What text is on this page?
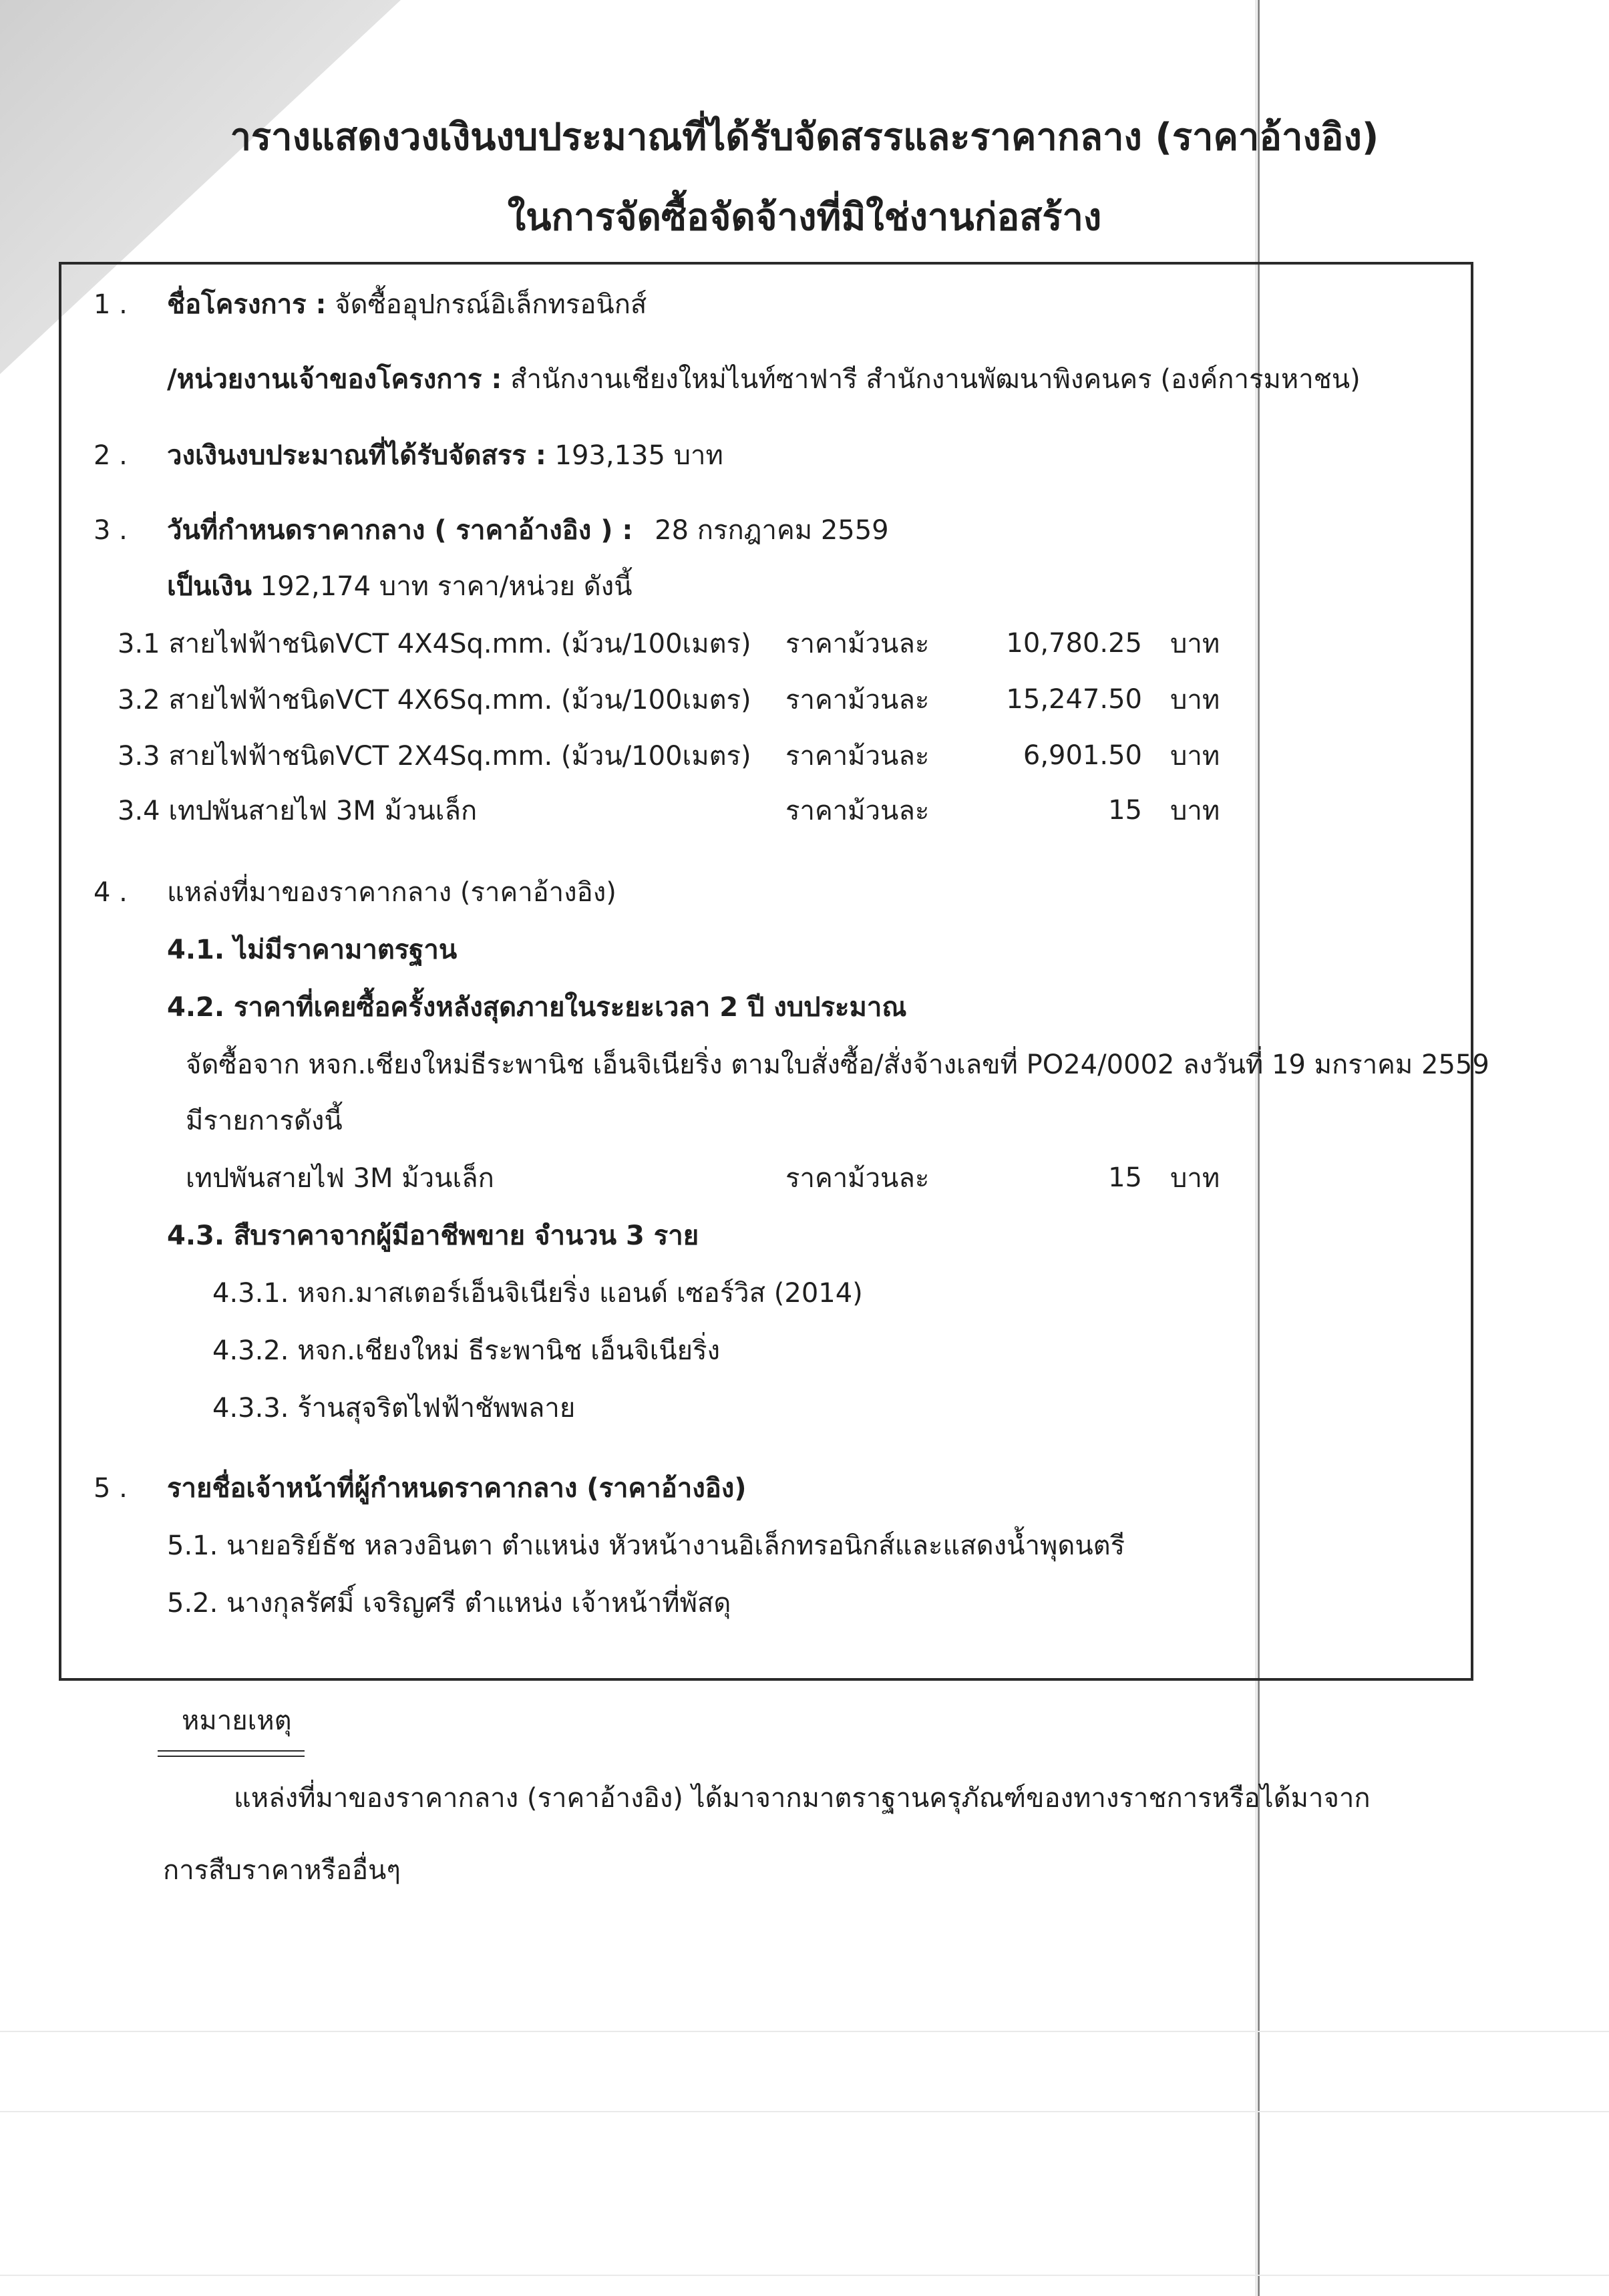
ารางแสดงวงเงินงบประมาณที่ได้รับจัดสรรและราคากลาง (ราคาอ้างอิง)
ในการจัดซื้อจัดจ้างที่มิใช่งานก่อสร้าง
1 . ชื่อโครงการ : จัดซื้ออุปกรณ์อิเล็กทรอนิกส์
/หน่วยงานเจ้าของโครงการ : สำนักงานเชียงใหม่ไนท์ซาฟารี สำนักงานพัฒนาพิงคนคร (องค์การมหาชน)
2 . วงเงินงบประมาณที่ได้รับจัดสรร : 193,135 บาท
3 . วันที่กำหนดราคากลาง ( ราคาอ้างอิง ) : 28 กรกฎาคม 2559
เป็นเงิน 192,174 บาท ราคา/หน่วย ดังนี้
3.1 สายไฟฟ้าชนิดVCT 4X4Sq.mm. (ม้วน/100เมตร) ราคาม้วนละ	10,780.25 บาท
3.2 สายไฟฟ้าชนิดVCT 4X6Sq.mm. (ม้วน/100เมตร) ราคาม้วนละ	15,247.50 บาท
3.3 สายไฟฟ้าชนิดVCT 2X4Sq.mm. (ม้วน/100เมตร) ราคาม้วนละ	6,901.50 บาท
3.4 เทปพันสายไฟ 3M ม้วนเล็ก	ราคาม้วนละ	15 บาท
4 . แหล่งที่มาของราคากลาง (ราคาอ้างอิง)
4.1. ไม่มีราคามาตรฐาน
4.2. ราคาที่เคยซื้อครั้งหลังสุดภายในระยะเวลา 2 ปี งบประมาณ
จัดซื้อจาก หจก.เชียงใหม่ธีระพานิช เอ็นจิเนียริ่ง ตามใบสั่งซื้อ/สั่งจ้างเลขที่ PO24/0002 ลงวันที่ 19 มกราคม 2559
มีรายการดังนี้
เทปพันสายไฟ 3M ม้วนเล็ก	ราคาม้วนละ	15 บาท
4.3. สืบราคาจากผู้มีอาชีพขาย จำนวน 3 ราย
4.3.1. หจก.มาสเตอร์เอ็นจิเนียริ่ง แอนด์ เซอร์วิส (2014)
4.3.2. หจก.เชียงใหม่ ธีระพานิช เอ็นจิเนียริ่ง
4.3.3. ร้านสุจริตไฟฟ้าชัพพลาย
5 . รายชื่อเจ้าหน้าที่ผู้กำหนดราคากลาง (ราคาอ้างอิง)
5.1. นายอริย์ธัช หลวงอินตา ตำแหน่ง หัวหน้างานอิเล็กทรอนิกส์และแสดงน้ำพุดนตรี
5.2. นางกุลรัศมิ์ เจริญศรี ตำแหน่ง เจ้าหน้าที่พัสดุ
หมายเหตุ
แหล่งที่มาของราคากลาง (ราคาอ้างอิง) ได้มาจากมาตราฐานครุภัณฑ์ของทางราชการหรือได้มาจาก
การสืบราคาหรืออื่นๆ
